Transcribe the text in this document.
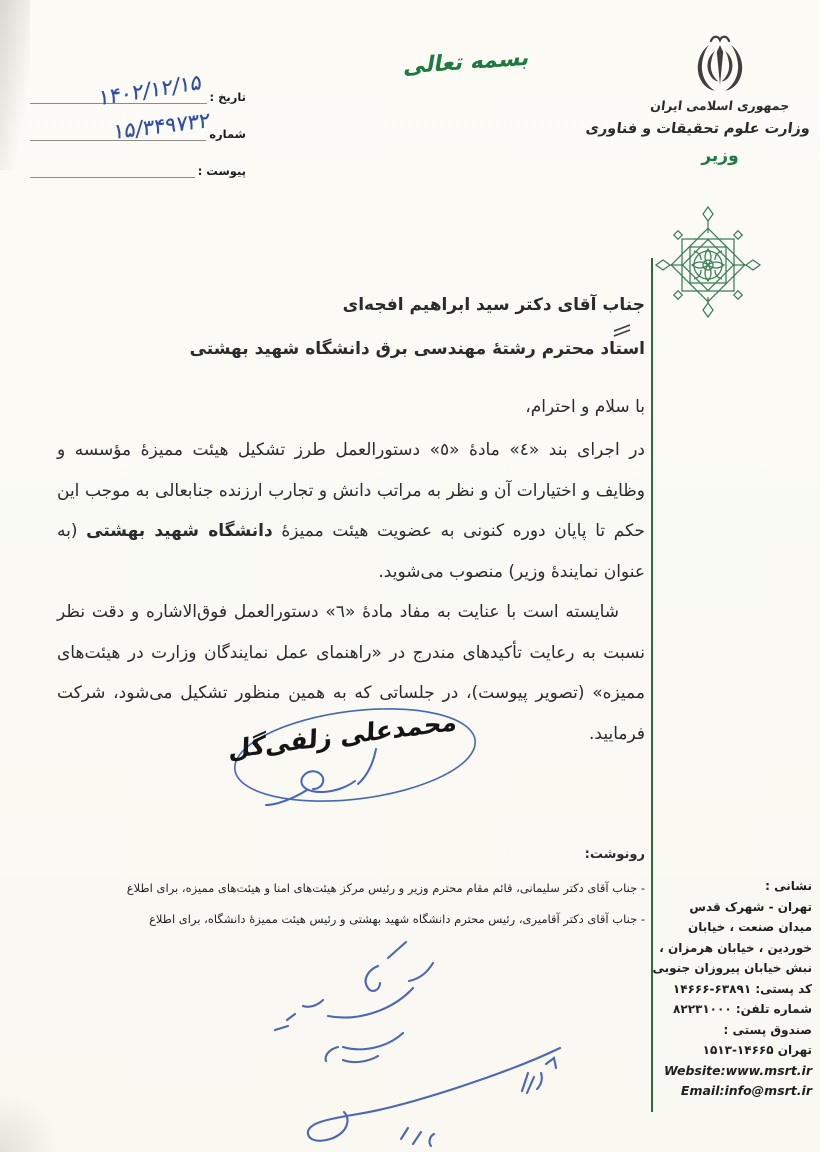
تاریخ :
شماره
پیوست :
۱۴۰۲/۱۲/۱۵
۱۵/۳۴۹۷۳۲
بسمه تعالی
جمهوری اسلامی ایران
وزارت علوم تحقیقات و فناوری
وزیر
جناب آقای دکتر سید ابراهیم افجه‌ای
استاد محترم رشتهٔ مهندسی برق دانشگاه شهید بهشتی
با سلام و احترام،

در اجرای بند «٤» مادهٔ «٥» دستورالعمل طرز تشکیل هیئت ممیزهٔ مؤسسه و وظایف و اختیارات آن و نظر به مراتب دانش و تجارب ارزنده جنابعالی به موجب این حکم تا پایان دوره کنونی به عضویت هیئت ممیزهٔ دانشگاه شهید بهشتی (به عنوان نمایندهٔ وزیر) منصوب می‌شوید.

شایسته است با عنایت به مفاد مادهٔ «٦» دستورالعمل فوق‌الاشاره و دقت نظر نسبت به رعایت تأکیدهای مندرج در «راهنمای عمل نمایندگان وزارت در هیئت‌های ممیزه» (تصویر پیوست)، در جلساتی که به همین منظور تشکیل می‌شود، شرکت فرمایید.

محمدعلی زلفی‌گل
رونوشت:
- جناب آقای دکتر سلیمانی، قائم مقام محترم وزیر و رئیس مرکز هیئت‌های امنا و هیئت‌های ممیزه، برای اطلاع
- جناب آقای دکتر آقامیری، رئیس محترم دانشگاه شهید بهشتی و رئیس هیئت ممیزهٔ دانشگاه، برای اطلاع
نشانی :
تهران - شهرک قدس
میدان صنعت ، خیابان
خوردین ، خیابان هرمزان ،
نبش خیابان پیروزان جنوبی
کد پستی: ۱۴۶۶۶-۶۳۸۹۱
شماره تلفن: ۸۲۲۳۱۰۰۰
صندوق پستی :
تهران ۱۵۱۳-۱۴۶۶۵
Website:www.msrt.ir
Email:info@msrt.ir
